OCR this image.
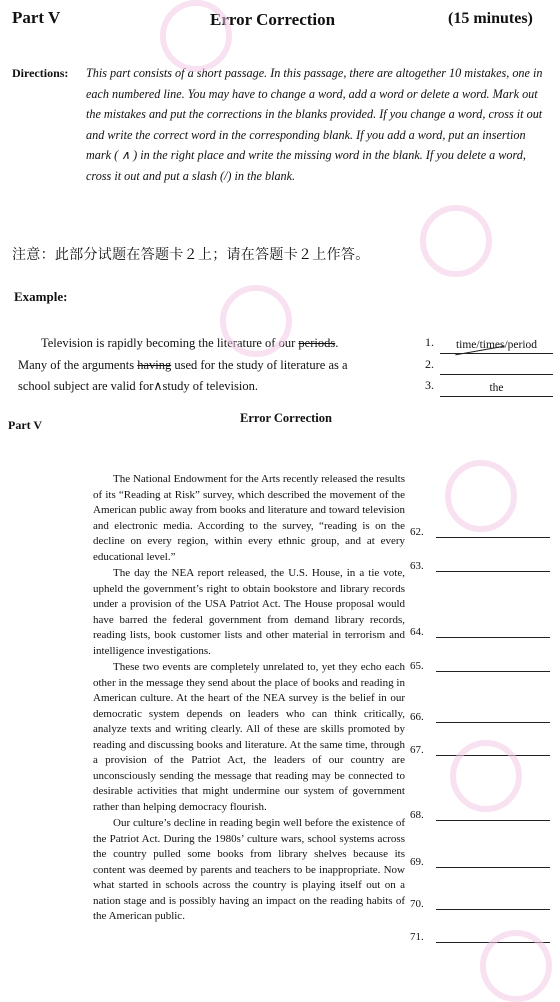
Part V	Error Correction	(15 minutes)
Directions: This part consists of a short passage. In this passage, there are altogether 10 mistakes, one in each numbered line. You may have to change a word, add a word or delete a word. Mark out the mistakes and put the corrections in the blanks provided. If you change a word, cross it out and write the correct word in the corresponding blank. If you add a word, put an insertion mark ( ∧ ) in the right place and write the missing word in the blank. If you delete a word, cross it out and put a slash (/) in the blank.
注意：此部分试题在答题卡２上；请在答题卡２上作答。
Example:
Television is rapidly becoming the literature of our periods.
Many of the arguments having used for the study of literature as a
school subject are valid for∧study of television.
1.	time/times/period
2.
3.	the
Part V	Error Correction

The National Endowment for the Arts recently released the results of its “Reading at Risk” survey, which described the movement of the American public away from books and literature and toward television and electronic media. According to the survey, “reading is on the decline on every region, within every ethnic group, and at every educational level.”

The day the NEA report released, the U.S. House, in a tie vote, upheld the government’s right to obtain bookstore and library records under a provision of the USA Patriot Act. The House proposal would have barred the federal government from demand library records, reading lists, book customer lists and other material in terrorism and intelligence investigations.

These two events are completely unrelated to, yet they echo each other in the message they send about the place of books and reading in American culture. At the heart of the NEA survey is the belief in our democratic system depends on leaders who can think critically, analyze texts and writing clearly. All of these are skills promoted by reading and discussing books and literature. At the same time, through a provision of the Patriot Act, the leaders of our country are unconsciously sending the message that reading may be connected to desirable activities that might undermine our system of government rather than helping democracy flourish.

Our culture’s decline in reading begin well before the existence of the Patriot Act. During the 1980s’ culture wars, school systems across the country pulled some books from library shelves because its content was deemed by parents and teachers to be inappropriate. Now what started in schools across the country is playing itself out on a nation stage and is possibly having an impact on the reading habits of the American public.

62.
63.
64.
65.
66.
67.
68.
69.
70.
71.
